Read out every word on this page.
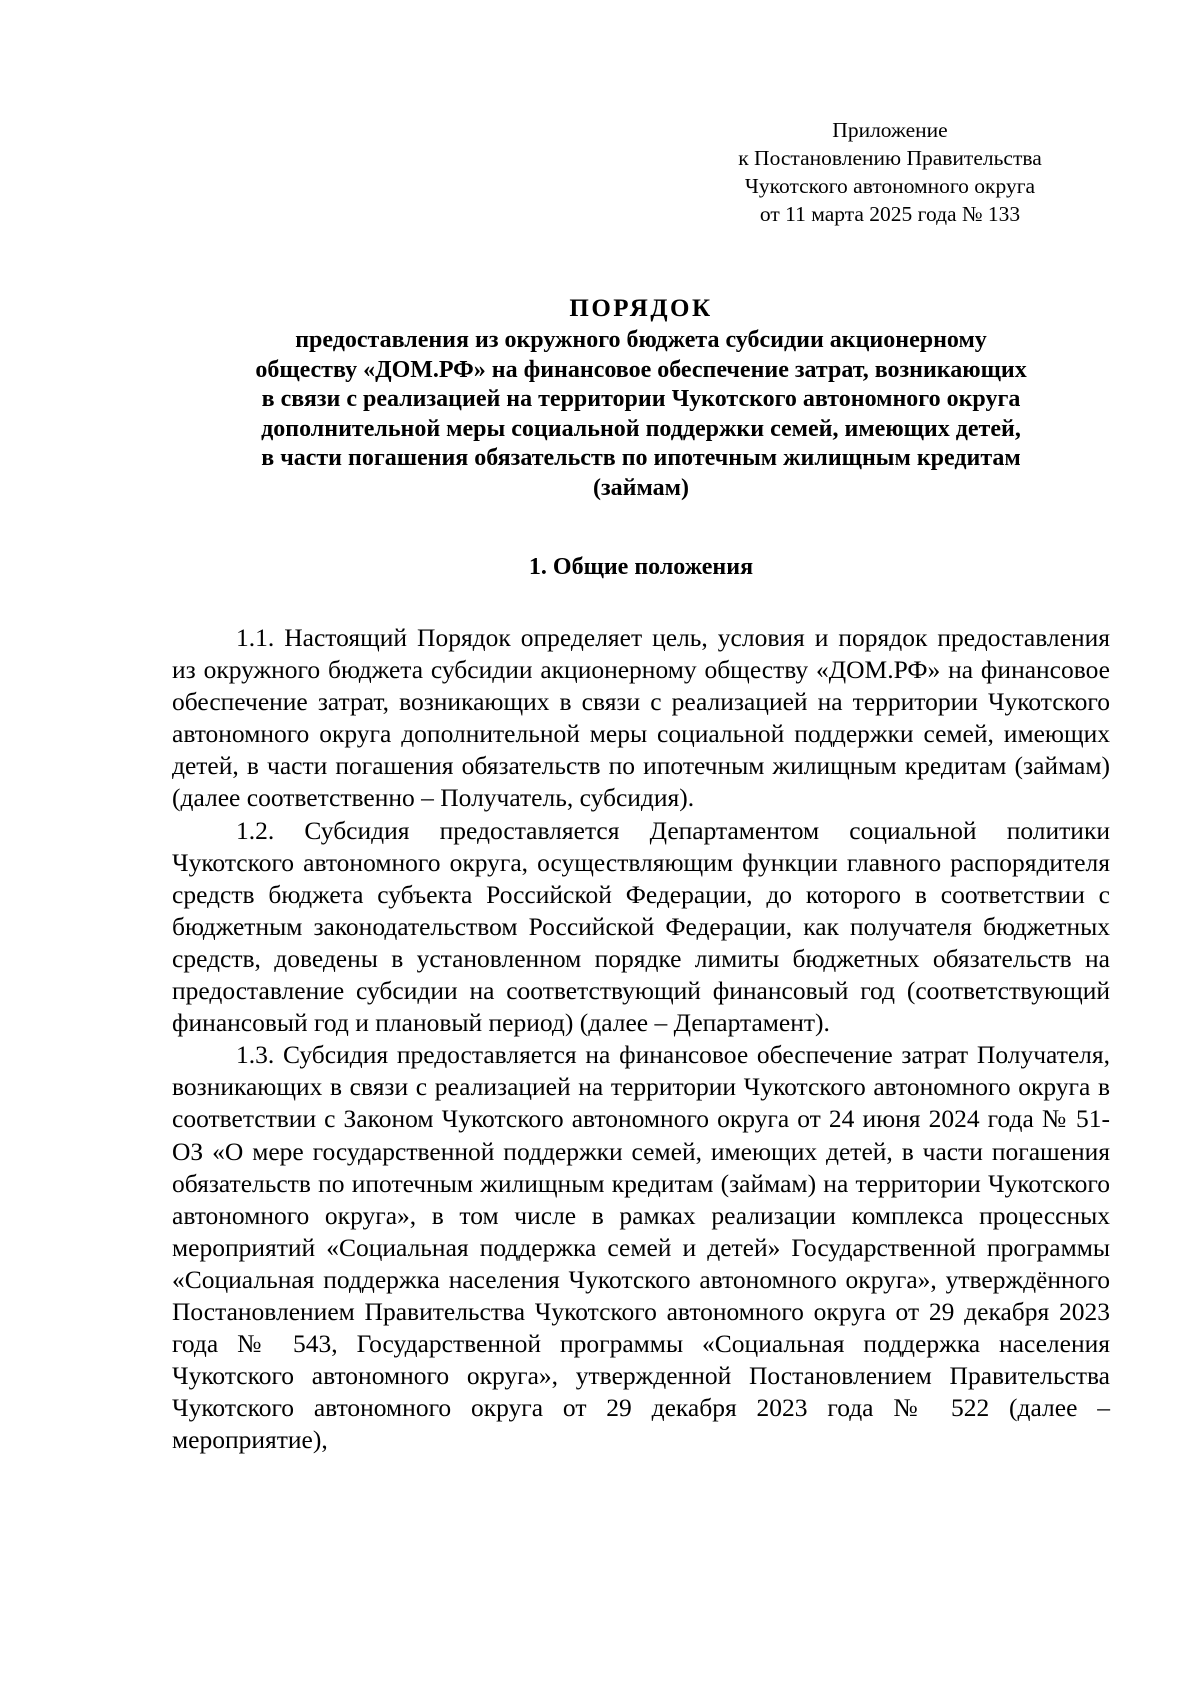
Приложение
к Постановлению Правительства
Чукотского автономного округа
от 11 марта 2025 года № 133
ПОРЯДОК
предоставления из окружного бюджета субсидии акционерному
обществу «ДОМ.РФ» на финансовое обеспечение затрат, возникающих
в связи с реализацией на территории Чукотского автономного округа
дополнительной меры социальной поддержки семей, имеющих детей,
в части погашения обязательств по ипотечным жилищным кредитам
(займам)
1. Общие положения

1.1. Настоящий Порядок определяет цель, условия и порядок предоставления из окружного бюджета субсидии акционерному обществу «ДОМ.РФ» на финансовое обеспечение затрат, возникающих в связи с реализацией на территории Чукотского автономного округа дополнительной меры социальной поддержки семей, имеющих детей, в части погашения обязательств по ипотечным жилищным кредитам (займам) (далее соответственно – Получатель, субсидия).

1.2. Субсидия предоставляется Департаментом социальной политики Чукотского автономного округа, осуществляющим функции главного распорядителя средств бюджета субъекта Российской Федерации, до которого в соответствии с бюджетным законодательством Российской Федерации, как получателя бюджетных средств, доведены в установленном порядке лимиты бюджетных обязательств на предоставление субсидии на соответствующий финансовый год (соответствующий финансовый год и плановый период) (далее – Департамент).

1.3. Субсидия предоставляется на финансовое обеспечение затрат Получателя, возникающих в связи с реализацией на территории Чукотского автономного округа в соответствии с Законом Чукотского автономного округа от 24 июня 2024 года № 51-ОЗ «О мере государственной поддержки семей, имеющих детей, в части погашения обязательств по ипотечным жилищным кредитам (займам) на территории Чукотского автономного округа», в том числе в рамках реализации комплекса процессных мероприятий «Социальная поддержка семей и детей» Государственной программы «Социальная поддержка населения Чукотского автономного округа», утверждённого Постановлением Правительства Чукотского автономного округа от 29 декабря 2023 года № 543, Государственной программы «Социальная поддержка населения Чукотского автономного округа», утвержденной Постановлением Правительства Чукотского автономного округа от 29 декабря 2023 года № 522 (далее – мероприятие),
